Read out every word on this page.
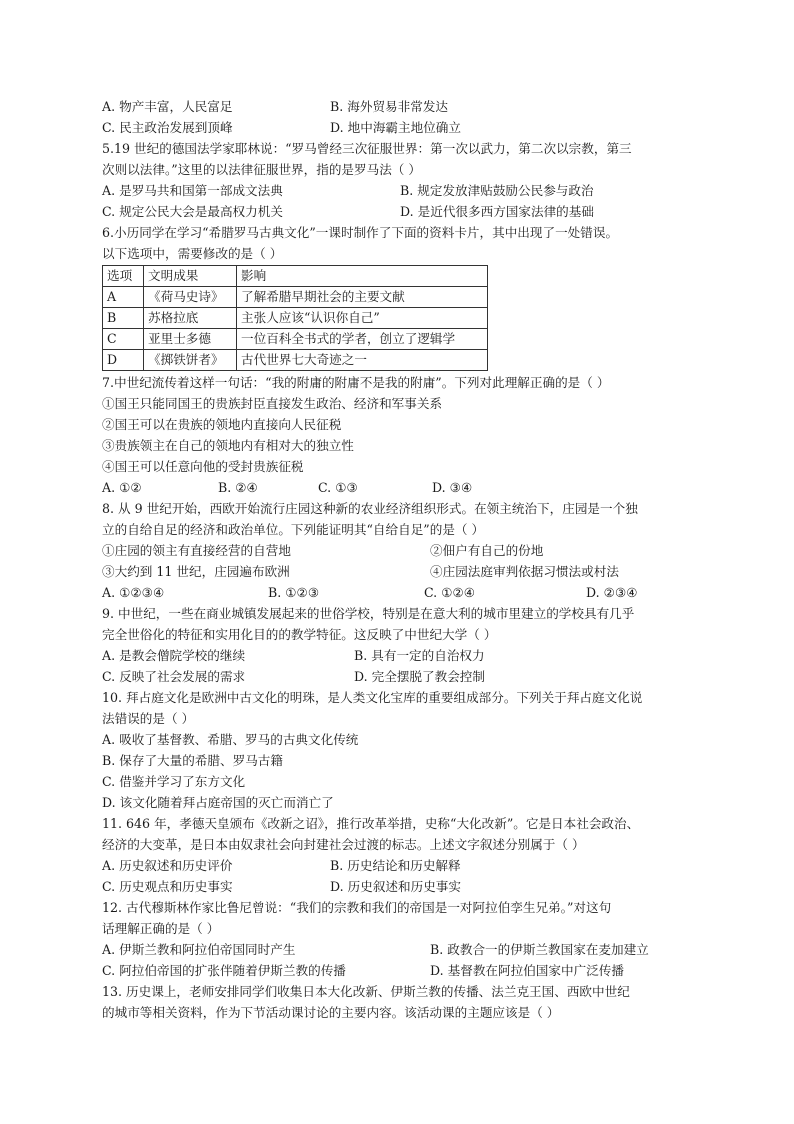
A. 物产丰富，人民富足	B. 海外贸易非常发达
C. 民主政治发展到顶峰	D. 地中海霸主地位确立
5.19 世纪的德国法学家耶林说：“罗马曾经三次征服世界：第一次以武力，第二次以宗教，第三
次则以法律。”这里的以法律征服世界，指的是罗马法（ ）
A. 是罗马共和国第一部成文法典	B. 规定发放津贴鼓励公民参与政治
C. 规定公民大会是最高权力机关	D. 是近代很多西方国家法律的基础
6.小历同学在学习“希腊罗马古典文化”一课时制作了下面的资料卡片，其中出现了一处错误。
以下选项中，需要修改的是（ ）
选项	文明成果	影响
A	《荷马史诗》	了解希腊早期社会的主要文献
B	苏格拉底	主张人应该“认识你自己”
C	亚里士多德	一位百科全书式的学者，创立了逻辑学
D	《掷铁饼者》	古代世界七大奇迹之一
7.中世纪流传着这样一句话：“我的附庸的附庸不是我的附庸”。下列对此理解正确的是（ ）
①国王只能同国王的贵族封臣直接发生政治、经济和军事关系
②国王可以在贵族的领地内直接向人民征税
③贵族领主在自己的领地内有相对大的独立性
④国王可以任意向他的受封贵族征税
A. ①②	B. ②④	C. ①③	D. ③④
8. 从 9 世纪开始，西欧开始流行庄园这种新的农业经济组织形式。在领主统治下，庄园是一个独
立的自给自足的经济和政治单位。下列能证明其“自给自足”的是（ ）
①庄园的领主有直接经营的自营地	②佃户有自己的份地
③大约到 11 世纪，庄园遍布欧洲	④庄园法庭审判依据习惯法或村法
A. ①②③④	B. ①②③	C. ①②④	D. ②③④
9. 中世纪，一些在商业城镇发展起来的世俗学校，特别是在意大利的城市里建立的学校具有几乎
完全世俗化的特征和实用化目的的教学特征。这反映了中世纪大学（ ）
A. 是教会僧院学校的继续	B. 具有一定的自治权力
C. 反映了社会发展的需求	D. 完全摆脱了教会控制
10. 拜占庭文化是欧洲中古文化的明珠，是人类文化宝库的重要组成部分。下列关于拜占庭文化说
法错误的是（ ）
A. 吸收了基督教、希腊、罗马的古典文化传统
B. 保存了大量的希腊、罗马古籍
C. 借鉴并学习了东方文化
D. 该文化随着拜占庭帝国的灭亡而消亡了
11. 646 年，孝德天皇颁布《改新之诏》，推行改革举措，史称“大化改新”。它是日本社会政治、
经济的大变革，是日本由奴隶社会向封建社会过渡的标志。上述文字叙述分别属于（ ）
A. 历史叙述和历史评价	B. 历史结论和历史解释
C. 历史观点和历史事实	D. 历史叙述和历史事实
12. 古代穆斯林作家比鲁尼曾说：“我们的宗教和我们的帝国是一对阿拉伯孪生兄弟。”对这句
话理解正确的是（ ）
A. 伊斯兰教和阿拉伯帝国同时产生	B. 政教合一的伊斯兰教国家在麦加建立
C. 阿拉伯帝国的扩张伴随着伊斯兰教的传播	D. 基督教在阿拉伯国家中广泛传播
13. 历史课上，老师安排同学们收集日本大化改新、伊斯兰教的传播、法兰克王国、西欧中世纪
的城市等相关资料，作为下节活动课讨论的主要内容。该活动课的主题应该是（ ）
